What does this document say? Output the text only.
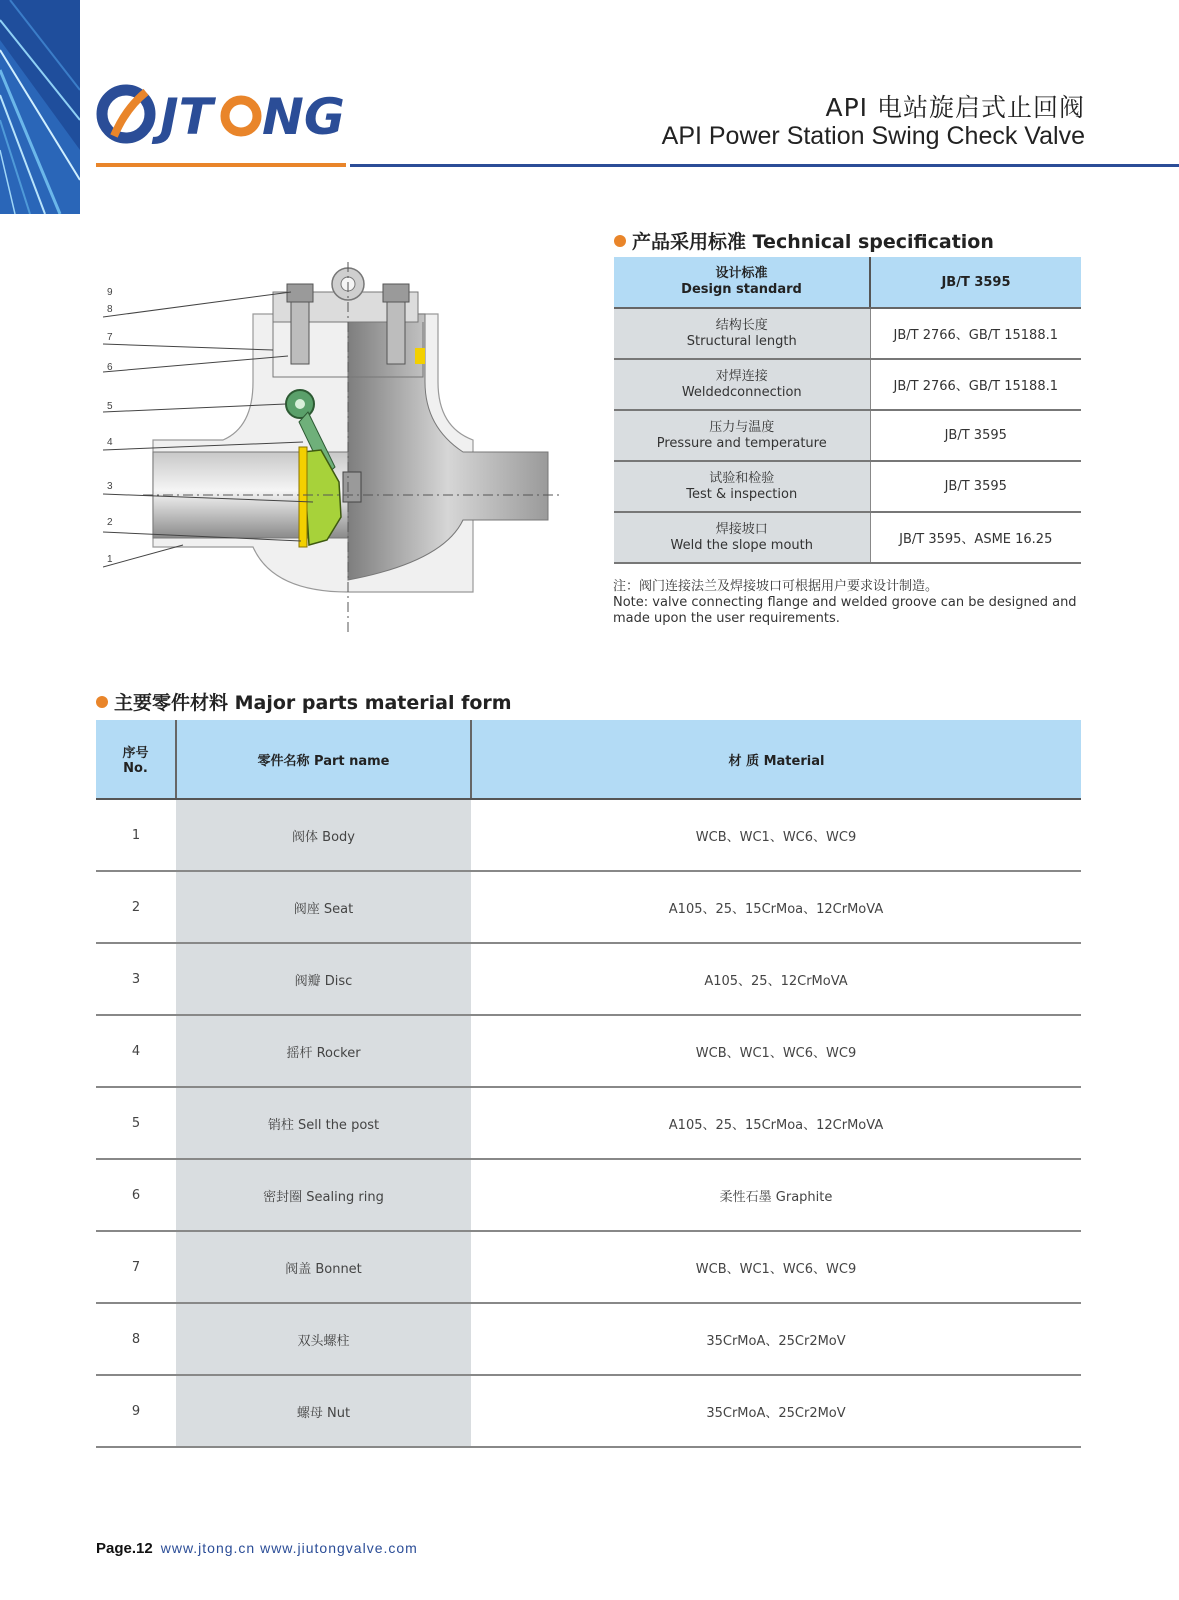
JT NG	API 电站旋启式止回阀
API Power Station Swing Check Valve
9
8
7
6
5
4
3
2
1
产品采用标准 Technical specification
设计标准
Design standard	JB/T 3595

结构长度
Structural length	JB/T 2766、GB/T 15188.1

对焊连接
Weldedconnection	JB/T 2766、GB/T 15188.1

压力与温度
Pressure and temperature	JB/T 3595

试验和检验
Test & inspection	JB/T 3595

焊接坡口
Weld the slope mouth	JB/T 3595、ASME 16.25
注：阀门连接法兰及焊接坡口可根据用户要求设计制造。
Note: valve connecting flange and welded groove can be designed and made upon the user requirements.
主要零件材料 Major parts material form
序号
No.	零件名称 Part name	材 质 Material
1	阀体 Body	WCB、WC1、WC6、WC9
2	阀座 Seat	A105、25、15CrMoa、12CrMoVA
3	阀瓣 Disc	A105、25、12CrMoVA
4	摇杆 Rocker	WCB、WC1、WC6、WC9
5	销柱 Sell the post	A105、25、15CrMoa、12CrMoVA
6	密封圈 Sealing ring	柔性石墨 Graphite
7	阀盖 Bonnet	WCB、WC1、WC6、WC9
8	双头螺柱	35CrMoA、25Cr2MoV
9	螺母 Nut	35CrMoA、25Cr2MoV
Page.12 www.jtong.cn www.jiutongvalve.com
